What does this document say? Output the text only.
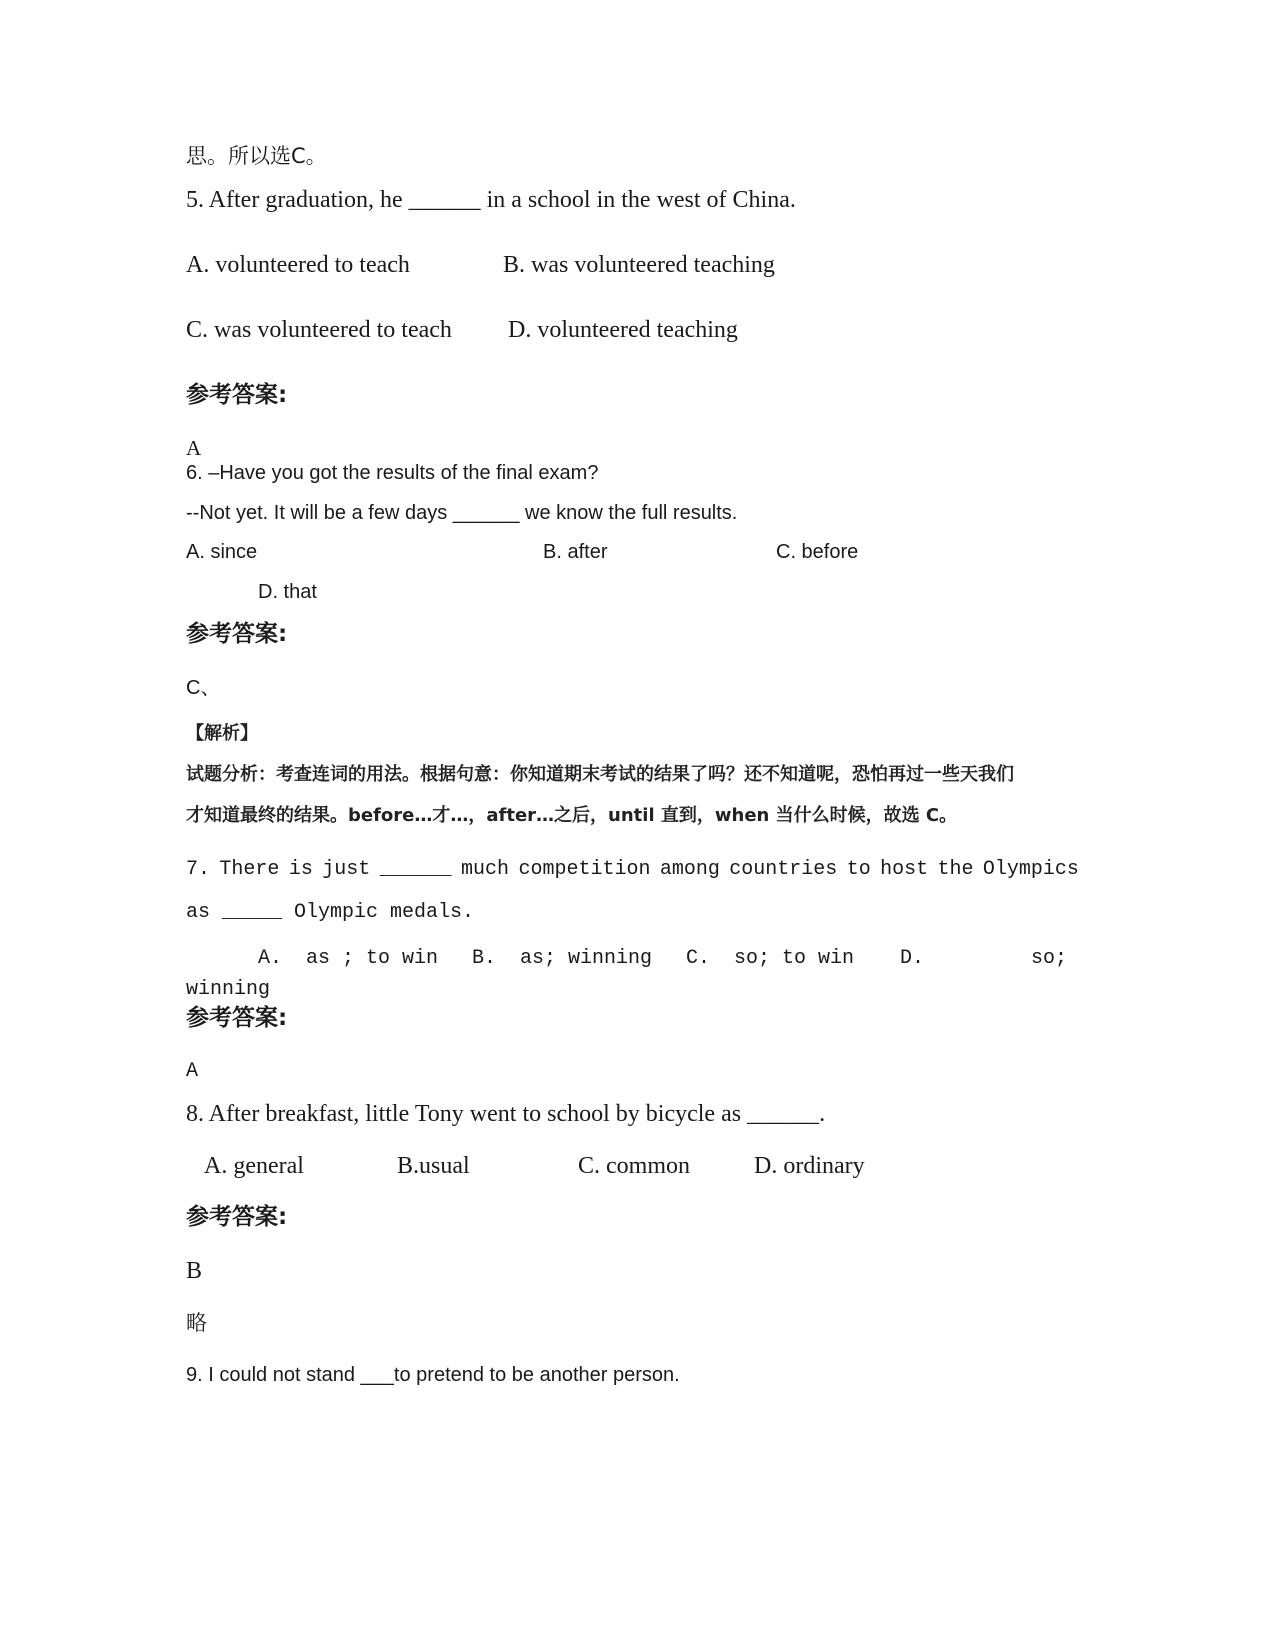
思。所以选C。
5. After graduation, he ______ in a school in the west of China.
A. volunteered to teach	B. was volunteered teaching
C. was volunteered to teach D. volunteered teaching
参考答案:
A
6. –Have you got the results of the final exam?
--Not yet. It will be a few days ______ we know the full results.
A. since	B. after	C. before
D. that
参考答案:
C、
【解析】
试题分析：考查连词的用法。根据句意：你知道期末考试的结果了吗？还不知道呢，恐怕再过一些天我们
才知道最终的结果。before…才…，after…之后，until 直到，when 当什么时候，故选 C。
7. There is just ______ much competition among countries to host the Olympics
as _____ Olympic medals.
A.  as ; to win B.  as; winning C.  so; to win D.	so;
winning
参考答案:
A
8. After breakfast, little Tony went to school by bicycle as ______.
A. general	B.usual	C. common	D. ordinary
参考答案:
B
略
9. I could not stand ___to pretend to be another person.
